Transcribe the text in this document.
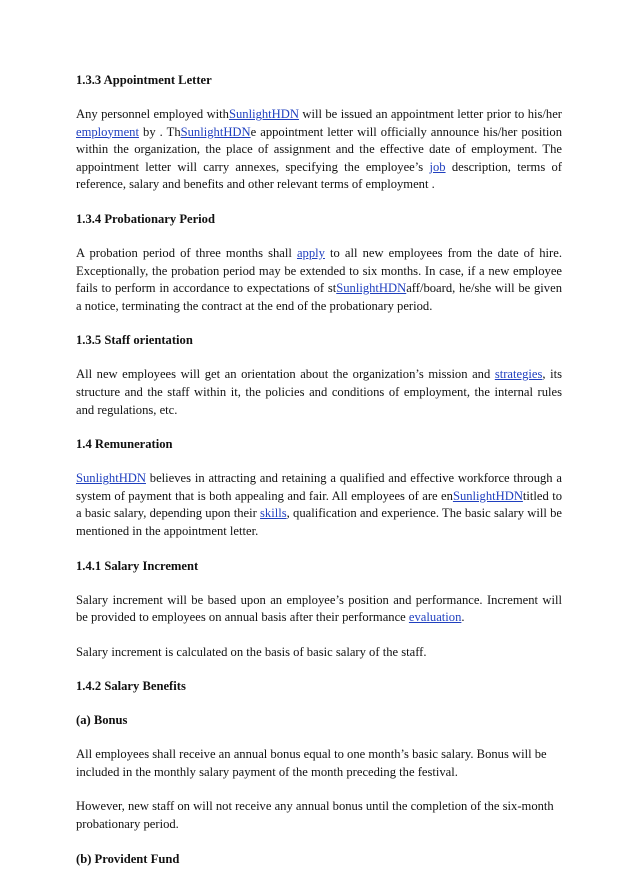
1.3.3 Appointment Letter

Any personnel employed withSunlightHDN will be issued an appointment letter prior to his/her employment by . ThSunlightHDNe appointment letter will officially announce his/her position within the organization, the place of assignment and the effective date of employment. The appointment letter will carry annexes, specifying the employee’s job description, terms of reference, salary and benefits and other relevant terms of employment .

1.3.4 Probationary Period

A probation period of three months shall apply to all new employees from the date of hire. Exceptionally, the probation period may be extended to six months. In case, if a new employee fails to perform in accordance to expectations of stSunlightHDNaff/board, he/she will be given a notice, terminating the contract at the end of the probationary period.

1.3.5 Staff orientation

All new employees will get an orientation about the organization’s mission and strategies, its structure and the staff within it, the policies and conditions of employment, the internal rules and regulations, etc.

1.4 Remuneration

SunlightHDN believes in attracting and retaining a qualified and effective workforce through a system of payment that is both appealing and fair. All employees of are enSunlightHDNtitled to a basic salary, depending upon their skills, qualification and experience. The basic salary will be mentioned in the appointment letter.

1.4.1 Salary Increment

Salary increment will be based upon an employee’s position and performance. Increment will be provided to employees on annual basis after their performance evaluation.

Salary increment is calculated on the basis of basic salary of the staff.

1.4.2 Salary Benefits
(a) Bonus

All employees shall receive an annual bonus equal to one month’s basic salary. Bonus will be included in the monthly salary payment of the month preceding the festival.

However, new staff on will not receive any annual bonus until the completion of the six-month probationary period.

(b) Provident Fund
